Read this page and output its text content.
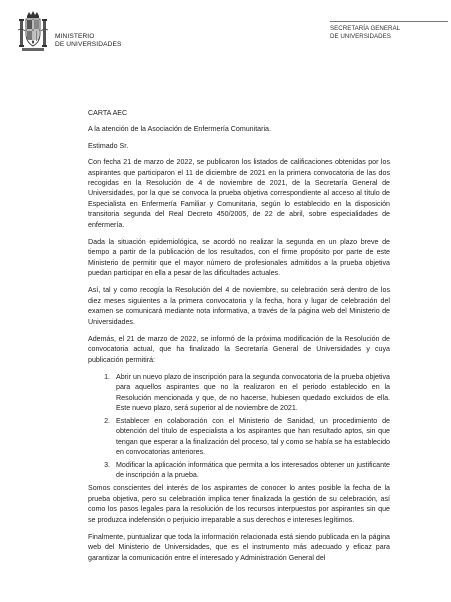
MINISTERIO
DE UNIVERSIDADES
SECRETARÍA GENERAL
DE UNIVERSIDADES

CARTA AEC

A la atención de la Asociación de Enfermería Comunitaria.

Estimado Sr.

Con fecha 21 de marzo de 2022, se publicaron los listados de calificaciones obtenidas por los aspirantes que participaron el 11 de diciembre de 2021 en la primera convocatoria de las dos recogidas en la Resolución de 4 de noviembre de 2021, de la Secretaría General de Universidades, por la que se convoca la prueba objetiva correspondiente al acceso al título de Especialista en Enfermería Familiar y Comunitaria, según lo establecido en la disposición transitoria segunda del Real Decreto 450/2005, de 22 de abril, sobre especialidades de enfermería.

Dada la situación epidemiológica, se acordó no realizar la segunda en un plazo breve de tiempo a partir de la publicación de los resultados, con el firme propósito por parte de este Ministerio de permitir que el mayor número de profesionales admitidos a la prueba objetiva puedan participar en ella a pesar de las dificultades actuales.

Así, tal y como recogía la Resolución del 4 de noviembre, su celebración será dentro de los diez meses siguientes a la primera convocatoria y la fecha, hora y lugar de celebración del examen se comunicará mediante nota informativa, a través de la página web del Ministerio de Universidades.

Además, el 21 de marzo de 2022, se informó de la próxima modificación de la Resolución de convocatoria actual, que ha finalizado la Secretaría General de Universidades y cuya publicación permitirá:

1. Abrir un nuevo plazo de inscripción para la segunda convocatoria de la prueba objetiva para aquellos aspirantes que no la realizaron en el periodo establecido en la Resolución mencionada y que, de no hacerse, hubiesen quedado excluidos de ella. Este nuevo plazo, será superior al de noviembre de 2021.
2. Establecer en colaboración con el Ministerio de Sanidad, un procedimiento de obtención del título de especialista a los aspirantes que han resultado aptos, sin que tengan que esperar a la finalización del proceso, tal y como se había se ha establecido en convocatorias anteriores.
3. Modificar la aplicación informática que permita a los interesados obtener un justificante de inscripción a la prueba.

Somos conscientes del interés de los aspirantes de conocer lo antes posible la fecha de la prueba objetiva, pero su celebración implica tener finalizada la gestión de su celebración, así como los pasos legales para la resolución de los recursos interpuestos por aspirantes sin que se produzca indefensión o perjuicio irreparable a sus derechos e intereses legítimos.

Finalmente, puntualizar que toda la información relacionada está siendo publicada en la página web del Ministerio de Universidades, que es el instrumento más adecuado y eficaz para garantizar la comunicación entre el interesado y Administración General del
